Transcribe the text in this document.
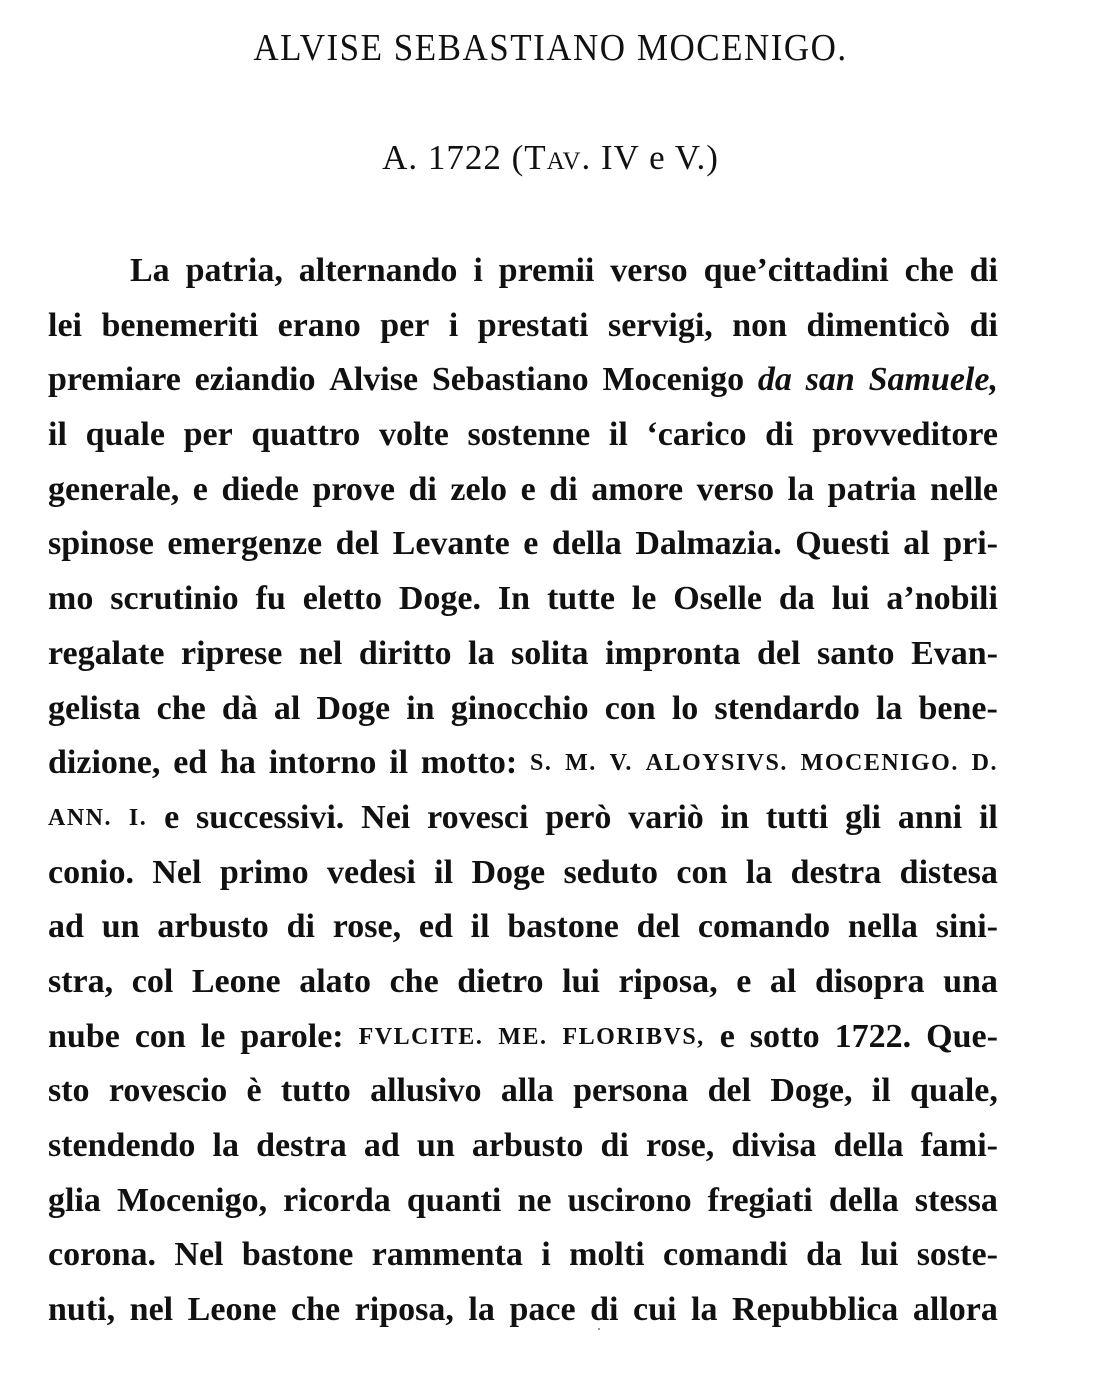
ALVISE SEBASTIANO MOCENIGO.
A. 1722 (Tav. IV e V.)
La patria, alternando i premii verso que’cittadini che di
lei benemeriti erano per i prestati servigi, non dimenticò di
premiare eziandio Alvise Sebastiano Mocenigo da san Samuele,
il quale per quattro volte sostenne il ‘carico di provveditore
generale, e diede prove di zelo e di amore verso la patria nelle
spinose emergenze del Levante e della Dalmazia. Questi al pri-
mo scrutinio fu eletto Doge. In tutte le Oselle da lui a’nobili
regalate riprese nel diritto la solita impronta del santo Evan-
gelista che dà al Doge in ginocchio con lo stendardo la bene-
dizione, ed ha intorno il motto: S. M. V. ALOYSIVS. MOCENIGO. D.
ANN. I. e successivi. Nei rovesci però variò in tutti gli anni il
conio. Nel primo vedesi il Doge seduto con la destra distesa
ad un arbusto di rose, ed il bastone del comando nella sini-
stra, col Leone alato che dietro lui riposa, e al disopra una
nube con le parole: FVLCITE. ME. FLORIBVS, e sotto 1722. Que-
sto rovescio è tutto allusivo alla persona del Doge, il quale,
stendendo la destra ad un arbusto di rose, divisa della fami-
glia Mocenigo, ricorda quanti ne uscirono fregiati della stessa
corona. Nel bastone rammenta i molti comandi da lui soste-
nuti, nel Leone che riposa, la pace di cui la Repubblica allora
